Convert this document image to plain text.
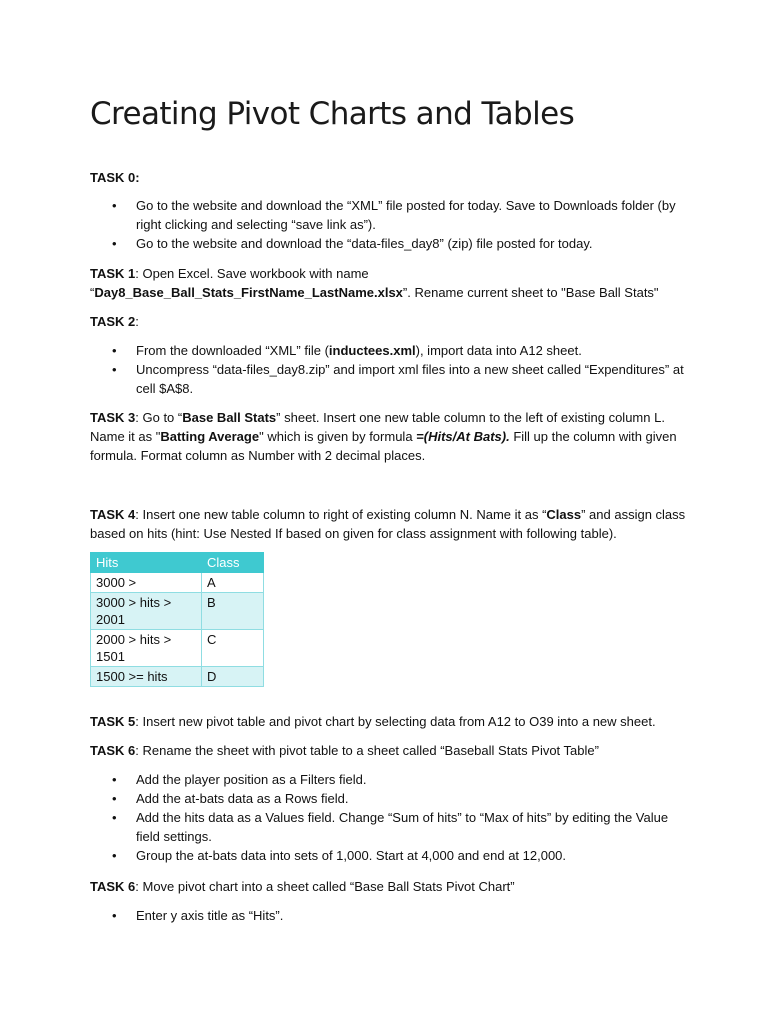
Creating Pivot Charts and Tables

TASK 0:

• Go to the website and download the “XML” file posted for today. Save to Downloads folder (by right clicking and selecting “save link as”).
• Go to the website and download the “data-files_day8” (zip) file posted for today.

TASK 1: Open Excel. Save workbook with name “Day8_Base_Ball_Stats_FirstName_LastName.xlsx”. Rename current sheet to "Base Ball Stats"

TASK 2:

• From the downloaded “XML” file (inductees.xml), import data into A12 sheet.
• Uncompress “data-files_day8.zip” and import xml files into a new sheet called “Expenditures” at cell $A$8.

TASK 3: Go to “Base Ball Stats” sheet. Insert one new table column to the left of existing column L. Name it as "Batting Average" which is given by formula =(Hits/At Bats). Fill up the column with given formula. Format column as Number with 2 decimal places.

TASK 4: Insert one new table column to right of existing column N. Name it as “Class” and assign class based on hits (hint: Use Nested If based on given for class assignment with following table).

Hits	Class
3000 >	A
3000 > hits > 2001	B
2000 > hits > 1501	C
1500 >= hits	D

TASK 5: Insert new pivot table and pivot chart by selecting data from A12 to O39 into a new sheet.

TASK 6: Rename the sheet with pivot table to a sheet called “Baseball Stats Pivot Table”

• Add the player position as a Filters field.
• Add the at-bats data as a Rows field.
• Add the hits data as a Values field. Change “Sum of hits” to “Max of hits” by editing the Value field settings.
• Group the at-bats data into sets of 1,000. Start at 4,000 and end at 12,000.

TASK 6: Move pivot chart into a sheet called “Base Ball Stats Pivot Chart”

• Enter y axis title as “Hits”.
